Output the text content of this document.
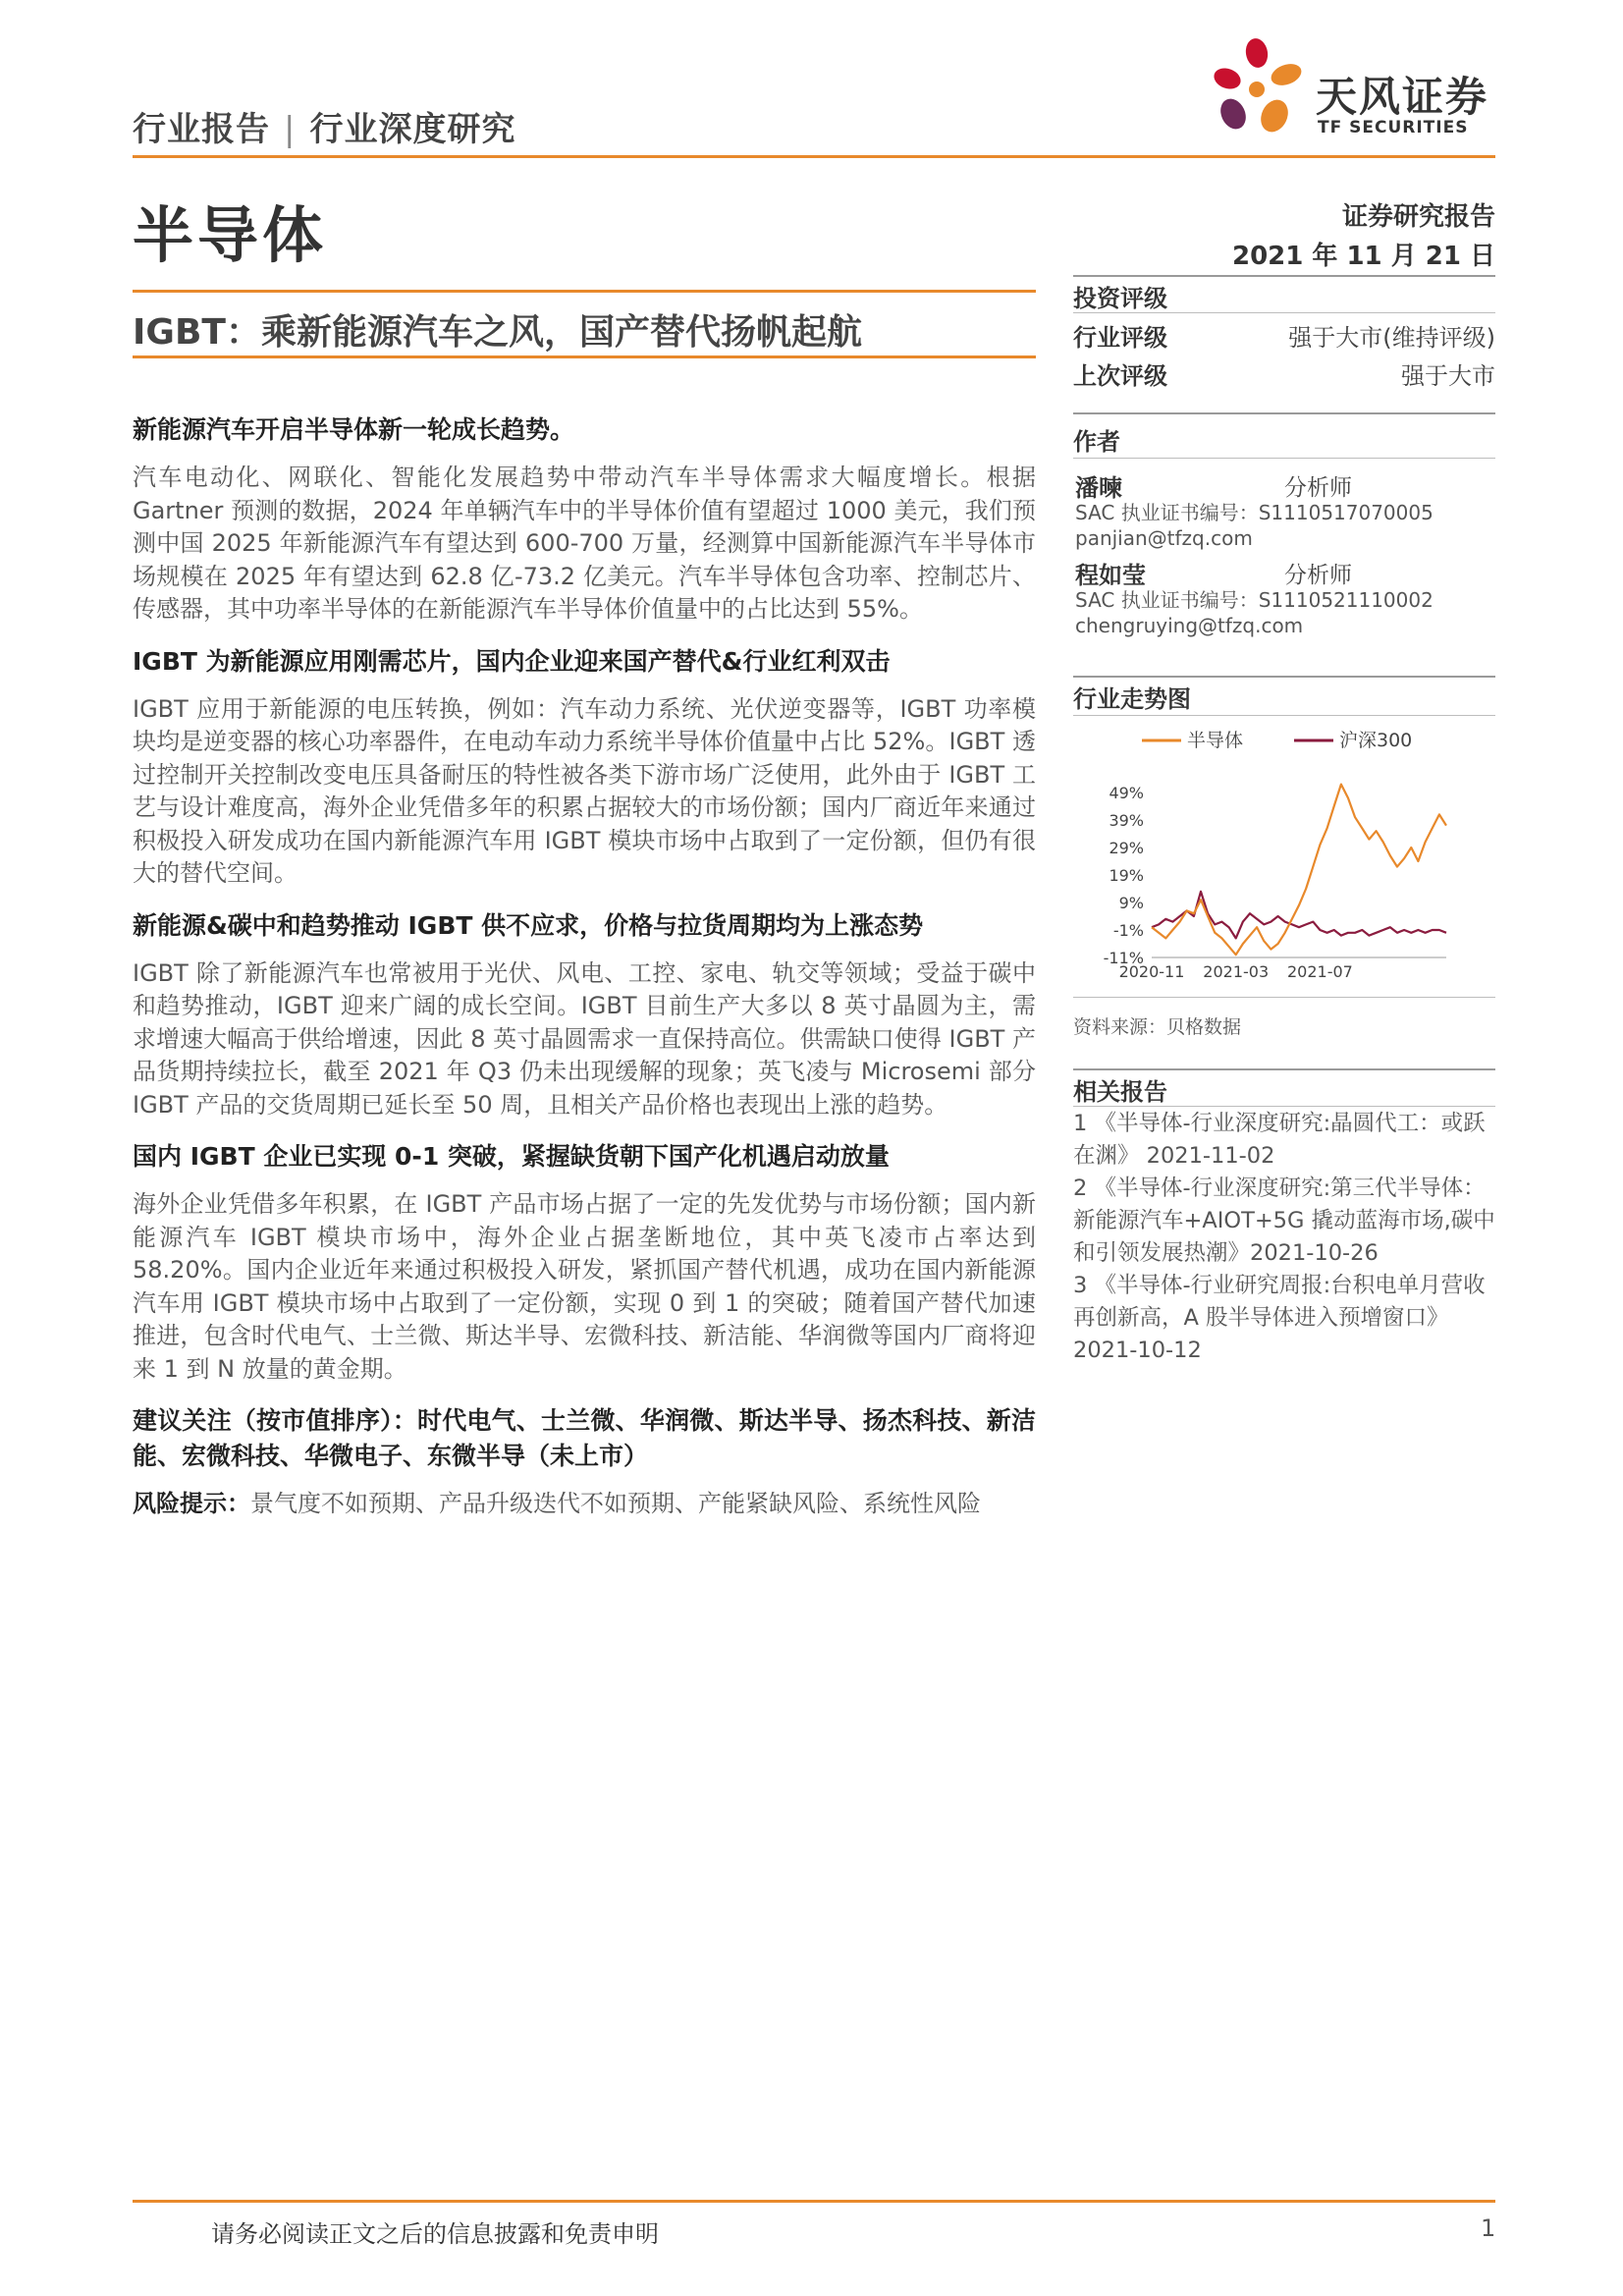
行业报告 | 行业深度研究
天风证券
TF SECURITIES
半导体	证券研究报告
2021 年 11 月 21 日
IGBT：乘新能源汽车之风，国产替代扬帆起航
新能源汽车开启半导体新一轮成长趋势。
汽车电动化、网联化、智能化发展趋势中带动汽车半导体需求大幅度增长。根据 Gartner 预测的数据，2024 年单辆汽车中的半导体价值有望超过 1000 美元，我们预测中国 2025 年新能源汽车有望达到 600-700 万量，经测算中国新能源汽车半导体市场规模在 2025 年有望达到 62.8 亿-73.2 亿美元。汽车半导体包含功率、控制芯片、传感器，其中功率半导体的在新能源汽车半导体价值量中的占比达到 55%。
IGBT 为新能源应用刚需芯片，国内企业迎来国产替代&行业红利双击
IGBT 应用于新能源的电压转换，例如：汽车动力系统、光伏逆变器等，IGBT 功率模块均是逆变器的核心功率器件，在电动车动力系统半导体价值量中占比 52%。IGBT 透过控制开关控制改变电压具备耐压的特性被各类下游市场广泛使用，此外由于 IGBT 工艺与设计难度高，海外企业凭借多年的积累占据较大的市场份额；国内厂商近年来通过积极投入研发成功在国内新能源汽车用 IGBT 模块市场中占取到了一定份额，但仍有很大的替代空间。
新能源&碳中和趋势推动 IGBT 供不应求，价格与拉货周期均为上涨态势
IGBT 除了新能源汽车也常被用于光伏、风电、工控、家电、轨交等领域；受益于碳中和趋势推动，IGBT 迎来广阔的成长空间。IGBT 目前生产大多以 8 英寸晶圆为主，需求增速大幅高于供给增速，因此 8 英寸晶圆需求一直保持高位。供需缺口使得 IGBT 产品货期持续拉长，截至 2021 年 Q3 仍未出现缓解的现象；英飞凌与 Microsemi 部分 IGBT 产品的交货周期已延长至 50 周，且相关产品价格也表现出上涨的趋势。
国内 IGBT 企业已实现 0-1 突破，紧握缺货朝下国产化机遇启动放量
海外企业凭借多年积累，在 IGBT 产品市场占据了一定的先发优势与市场份额；国内新能源汽车 IGBT 模块市场中，海外企业占据垄断地位，其中英飞凌市占率达到 58.20%。国内企业近年来通过积极投入研发，紧抓国产替代机遇，成功在国内新能源汽车用 IGBT 模块市场中占取到了一定份额，实现 0 到 1 的突破；随着国产替代加速推进，包含时代电气、士兰微、斯达半导、宏微科技、新洁能、华润微等国内厂商将迎来 1 到 N 放量的黄金期。
建议关注（按市值排序）：时代电气、士兰微、华润微、斯达半导、扬杰科技、新洁能、宏微科技、华微电子、东微半导（未上市）
风险提示：景气度不如预期、产品升级迭代不如预期、产能紧缺风险、系统性风险
投资评级
行业评级	强于大市(维持评级)
上次评级	强于大市
作者
潘暕	分析师
SAC 执业证书编号：S1110517070005
panjian@tfzq.com
程如莹	分析师
SAC 执业证书编号：S1110521110002
chengruying@tfzq.com
行业走势图
半导体	沪深300
49%
39%
29%
19%
9%
-1%
-11%
2020-11 2021-03 2021-07
资料来源：贝格数据
相关报告
1 《半导体-行业深度研究:晶圆代工：或跃在渊》 2021-11-02
2 《半导体-行业深度研究:第三代半导体：新能源汽车+AIOT+5G 撬动蓝海市场,碳中和引领发展热潮》2021-10-26
3 《半导体-行业研究周报:台积电单月营收再创新高，A 股半导体进入预增窗口》 2021-10-12
请务必阅读正文之后的信息披露和免责申明	1
